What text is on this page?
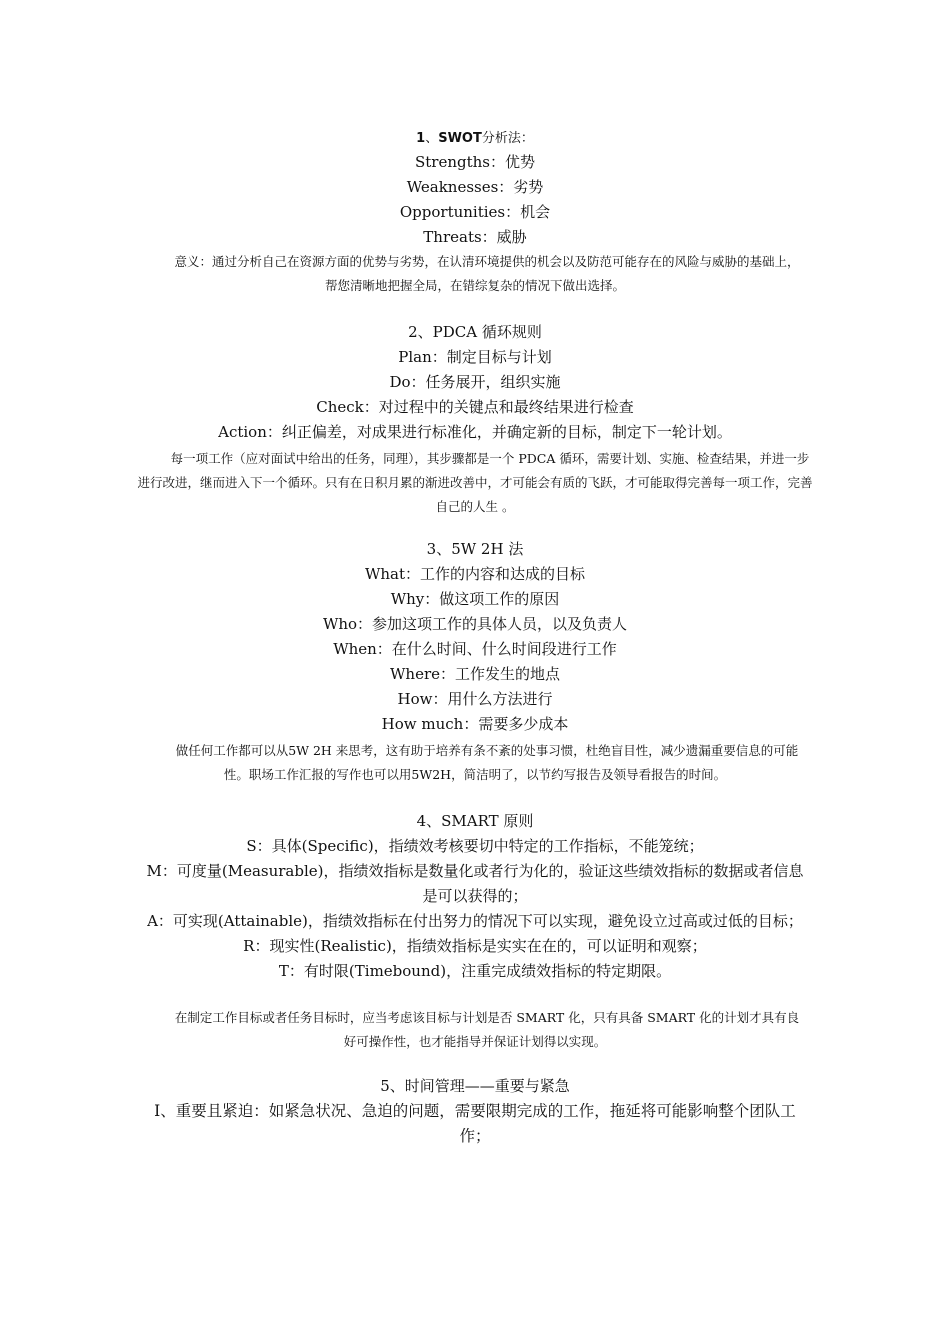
1、SWOT分析法：
Strengths：优势
Weaknesses：劣势
Opportunities：机会
Threats：威胁
意义：通过分析自己在资源方面的优势与劣势，在认清环境提供的机会以及防范可能存在的风险与威胁的基础上，帮您清晰地把握全局，在错综复杂的情况下做出选择。
2、PDCA 循环规则
Plan：制定目标与计划
Do：任务展开，组织实施
Check：对过程中的关键点和最终结果进行检查
Action：纠正偏差，对成果进行标准化，并确定新的目标，制定下一轮计划。
每一项工作（应对面试中给出的任务，同理），其步骤都是一个 PDCA 循环，需要计划、实施、检查结果，并进一步进行改进，继而进入下一个循环。只有在日积月累的渐进改善中，才可能会有质的飞跃，才可能取得完善每一项工作，完善自己的人生 。
3、5W 2H 法
What：工作的内容和达成的目标
Why：做这项工作的原因
Who：参加这项工作的具体人员，以及负责人
When：在什么时间、什么时间段进行工作
Where：工作发生的地点
How：用什么方法进行
How much：需要多少成本
做任何工作都可以从5W 2H 来思考，这有助于培养有条不紊的处事习惯，杜绝盲目性，减少遗漏重要信息的可能性。职场工作汇报的写作也可以用5W2H，简洁明了，以节约写报告及领导看报告的时间。
4、SMART 原则
S：具体(Specific)，指绩效考核要切中特定的工作指标，不能笼统；
M：可度量(Measurable)，指绩效指标是数量化或者行为化的，验证这些绩效指标的数据或者信息是可以获得的；
A：可实现(Attainable)，指绩效指标在付出努力的情况下可以实现，避免设立过高或过低的目标；
R：现实性(Realistic)，指绩效指标是实实在在的，可以证明和观察；
T：有时限(Timebound)，注重完成绩效指标的特定期限。
在制定工作目标或者任务目标时，应当考虑该目标与计划是否 SMART 化，只有具备 SMART 化的计划才具有良好可操作性，也才能指导并保证计划得以实现。
5、时间管理——重要与紧急
Ⅰ、重要且紧迫：如紧急状况、急迫的问题，需要限期完成的工作，拖延将可能影响整个团队工作；
